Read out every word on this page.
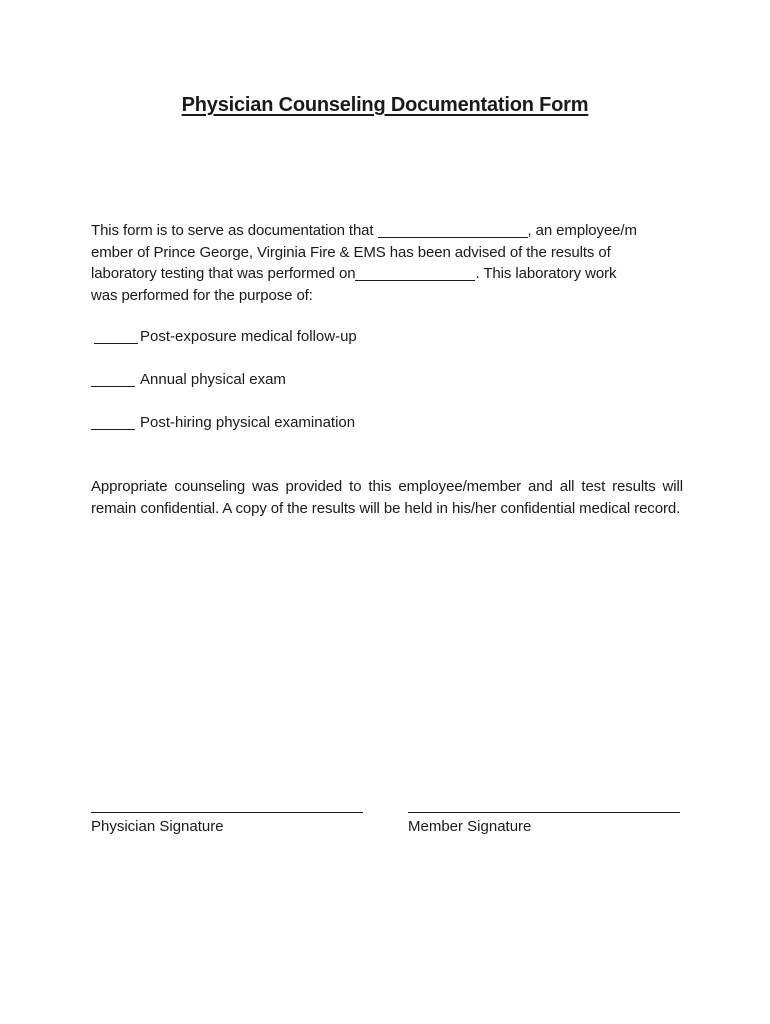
Physician Counseling Documentation Form
This form is to serve as documentation that	, an employee/m
ember of Prince George, Virginia Fire & EMS has been advised of the results of
laboratory testing that was performed on	. This laboratory work
was performed for the purpose of:
Post-exposure medical follow-up
Annual physical exam
Post-hiring physical examination
Appropriate counseling was provided to this employee/member and all test results will remain confidential. A copy of the results will be held in his/her confidential medical record.
Physician Signature	Member Signature
